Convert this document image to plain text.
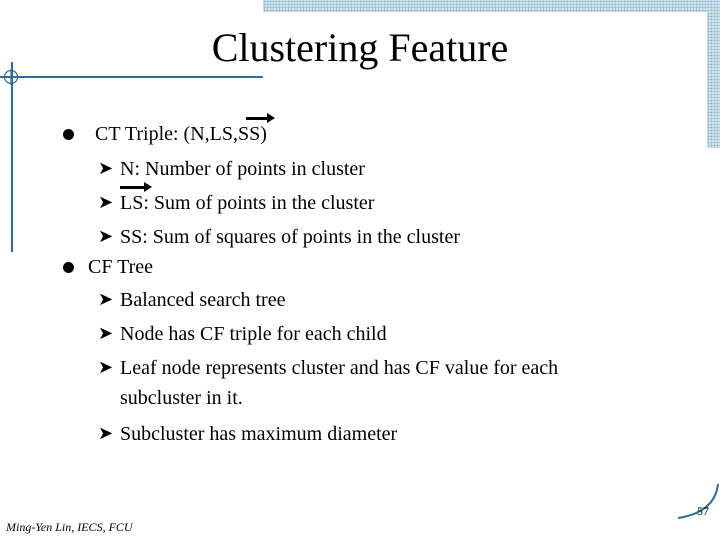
Clustering Feature
CT Triple: (N,LS,SS)
➤ N: Number of points in cluster
➤ LS: Sum of points in the cluster
➤ SS: Sum of squares of points in the cluster
CF Tree
➤ Balanced search tree
➤ Node has CF triple for each child
➤ Leaf node represents cluster and has CF value for each
subcluster in it.
➤ Subcluster has maximum diameter
57
Ming-Yen Lin, IECS, FCU
